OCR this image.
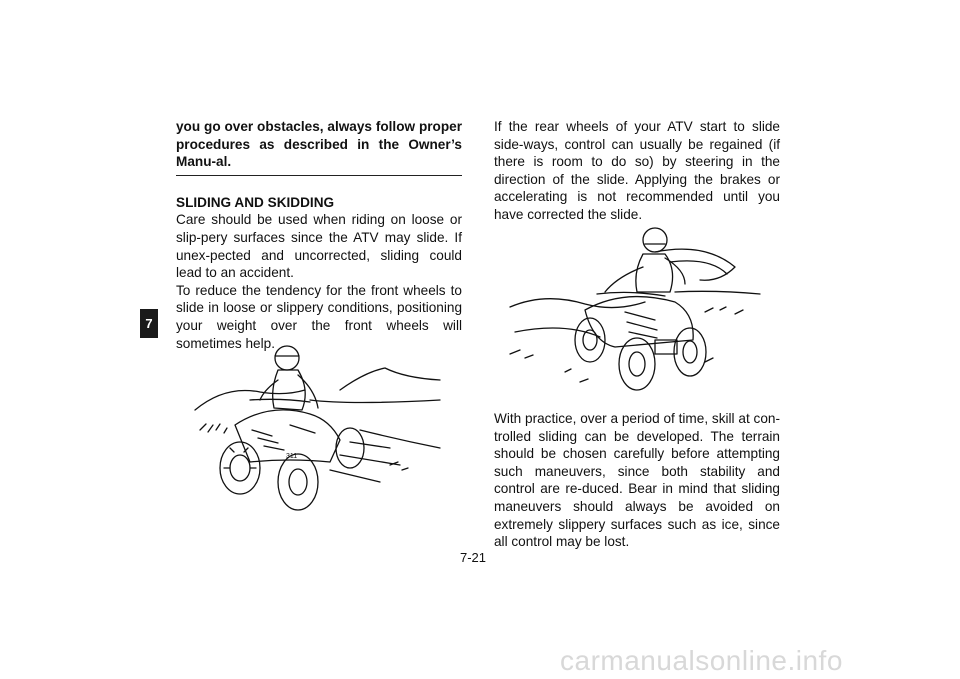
7

you go over obstacles, always follow proper procedures as described in the Owner’s Manu-al.

SLIDING AND SKIDDING

Care should be used when riding on loose or slip-pery surfaces since the ATV may slide. If unex-pected and uncorrected, sliding could lead to an accident.

To reduce the tendency for the front wheels to slide in loose or slippery conditions, positioning your weight over the front wheels will sometimes help.

311

If the rear wheels of your ATV start to slide side-ways, control can usually be regained (if there is room to do so) by steering in the direction of the slide. Applying the brakes or accelerating is not recommended until you have corrected the slide.

With practice, over a period of time, skill at con-trolled sliding can be developed. The terrain should be chosen carefully before attempting such maneuvers, since both stability and control are re-duced. Bear in mind that sliding maneuvers should always be avoided on extremely slippery surfaces such as ice, since all control may be lost.

7-21
carmanualsonline.info
